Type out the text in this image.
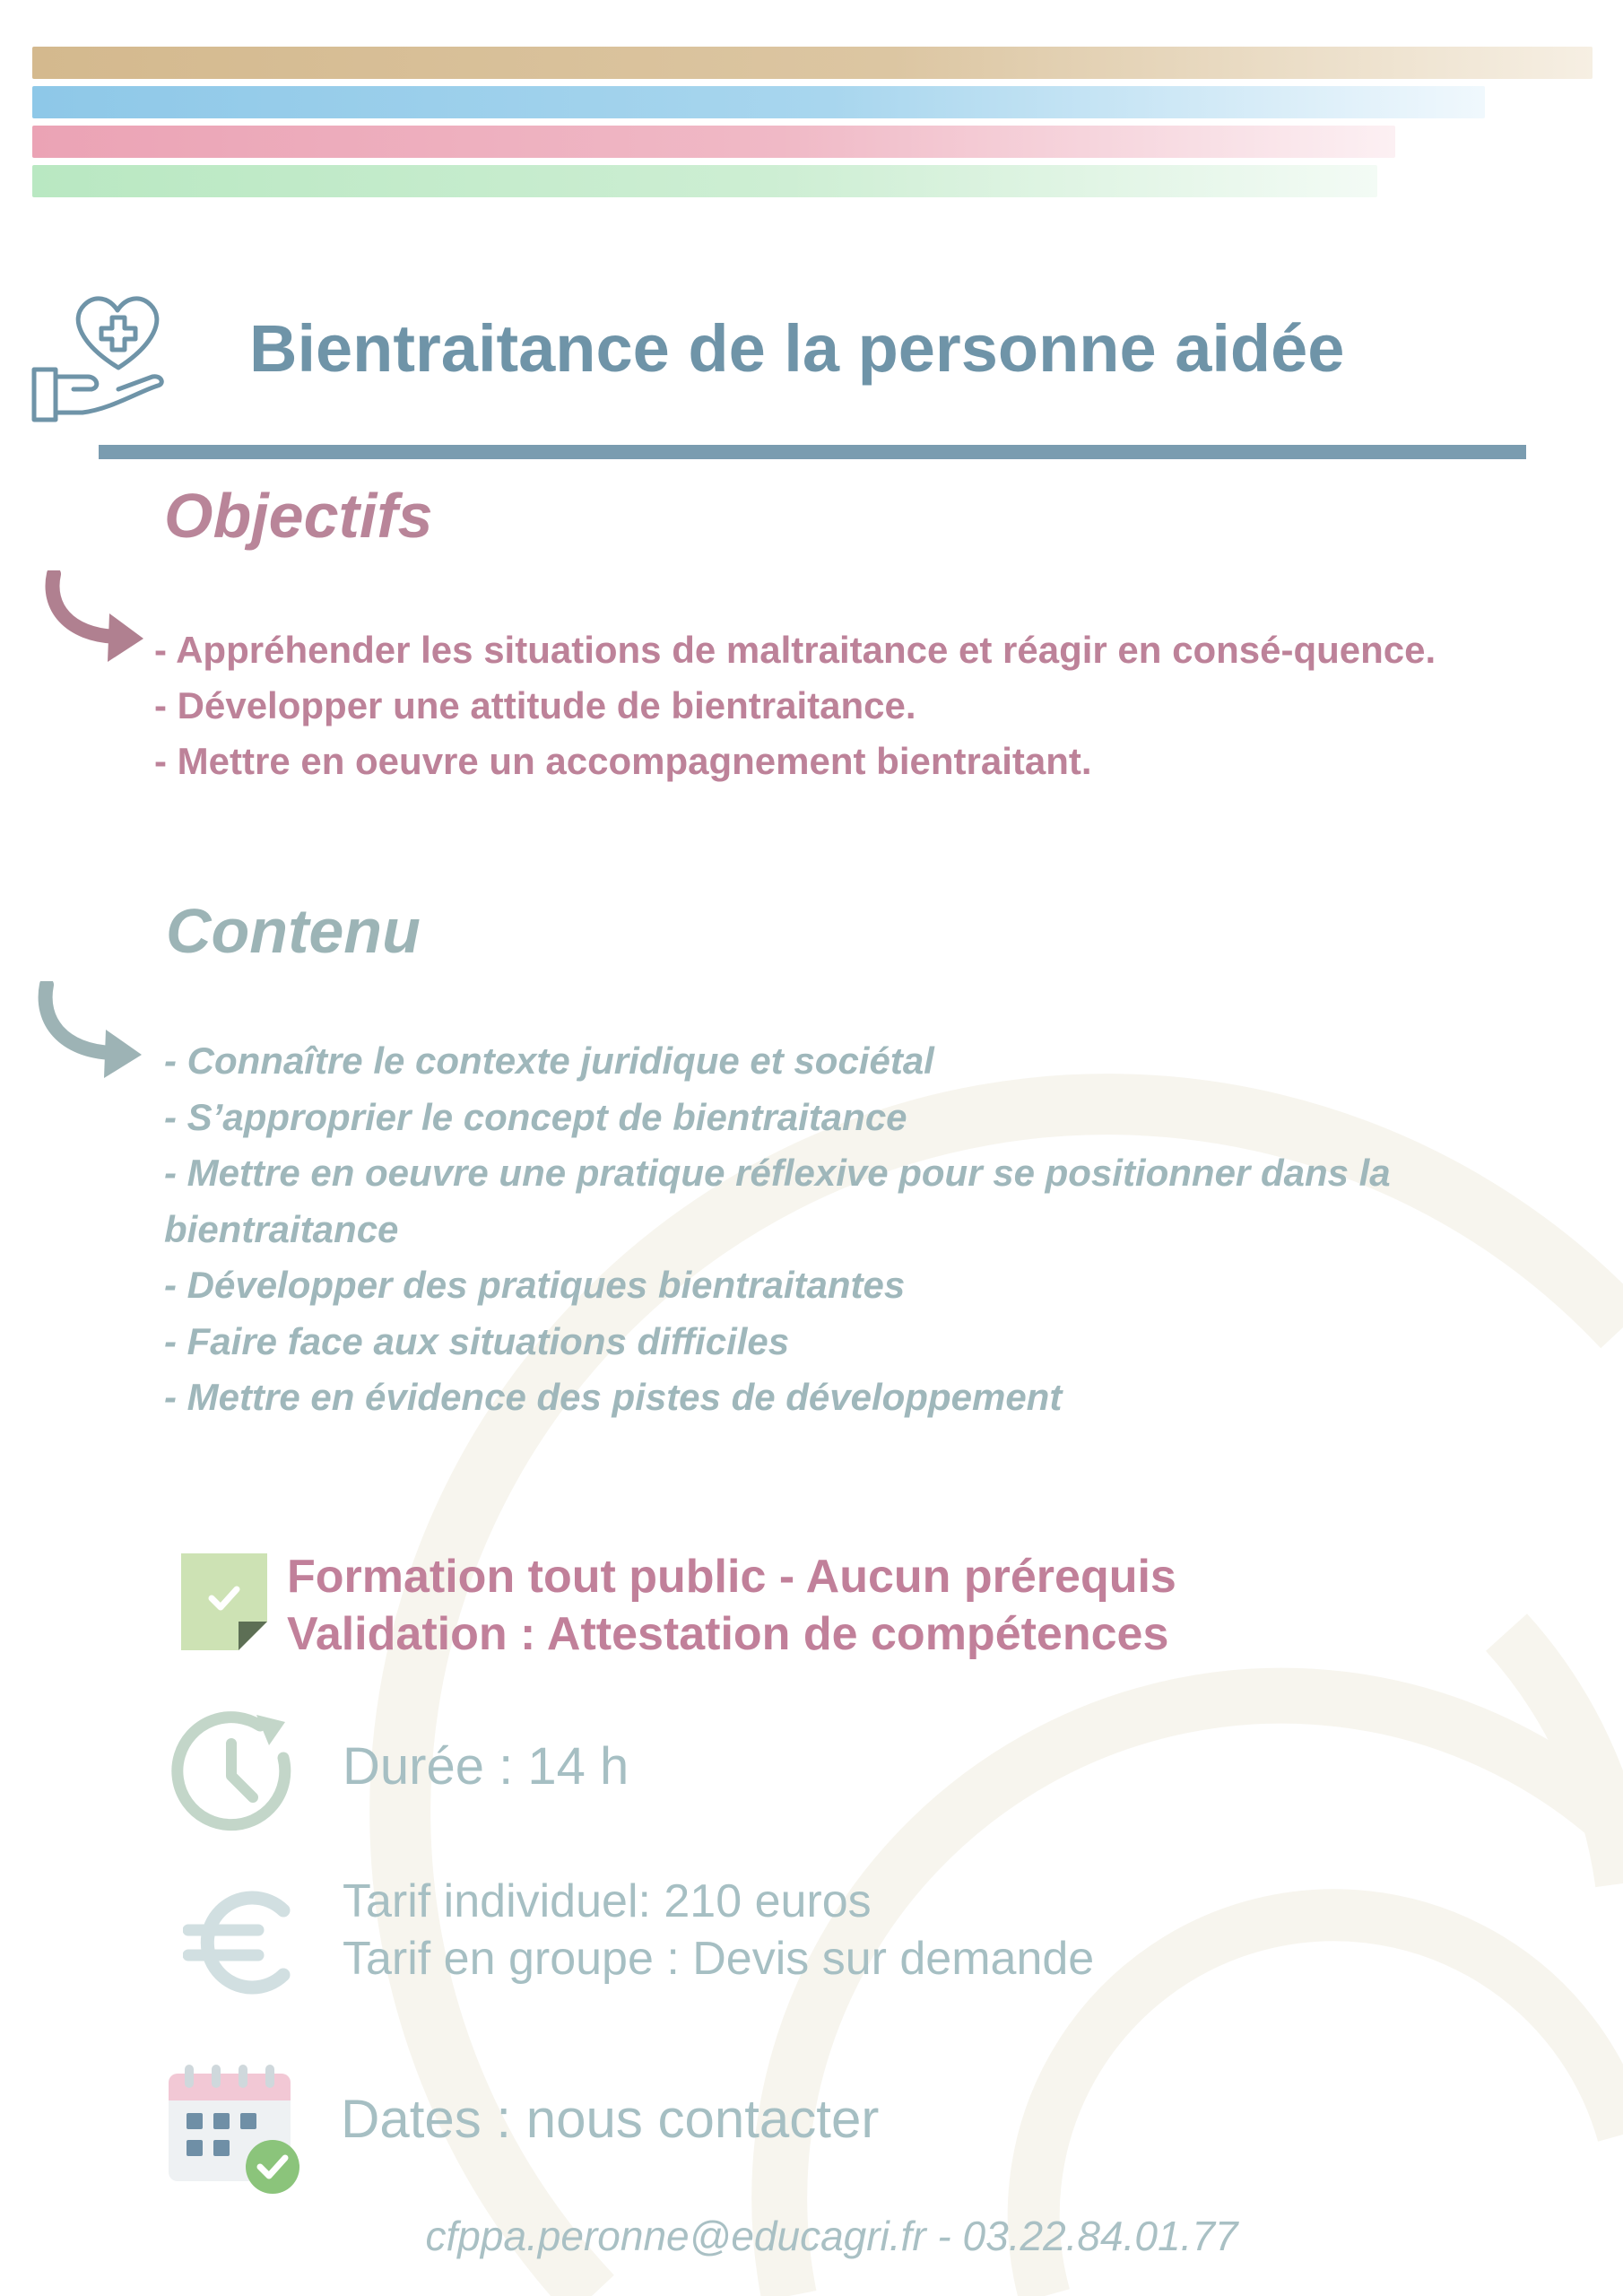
Bientraitance de la personne aidée
Objectifs
- Appréhender les situations de maltraitance et réagir en consé-quence.
- Développer une attitude de bientraitance.
- Mettre en oeuvre un accompagnement bientraitant.
Contenu
- Connaître le contexte juridique et sociétal
- S’approprier le concept de bientraitance
- Mettre en oeuvre une pratique réflexive pour se positionner dans la bientraitance
- Développer des pratiques bientraitantes
- Faire face aux situations difficiles
- Mettre en évidence des pistes de développement
Formation tout public - Aucun prérequis
Validation : Attestation de compétences
Durée : 14 h
Tarif individuel: 210 euros
Tarif en groupe : Devis sur demande
Dates : nous contacter
cfppa.peronne@educagri.fr - 03.22.84.01.77
